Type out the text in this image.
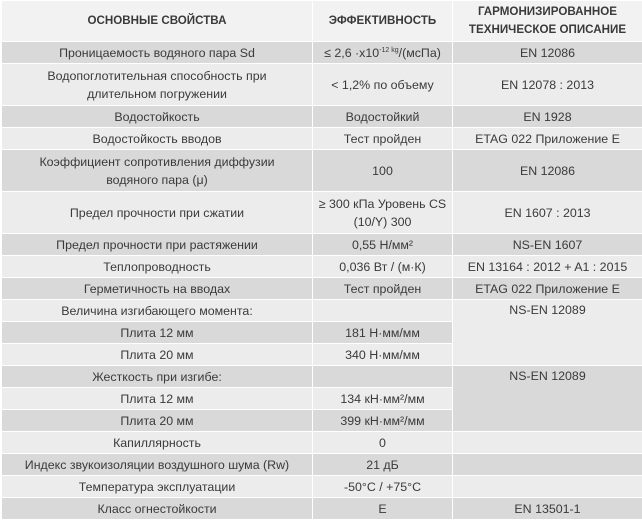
ОСНОВНЫЕ СВОЙСТВА	ЭФФЕКТИВНОСТЬ	ГАРМОНИЗИРОВАННОЕ
ТЕХНИЧЕСКОЕ ОПИСАНИЕ

Проницаемость водяного пара Sd	≤ $2,6 \cdot x10^{-12 kg}/(мсПа)$	EN 12086

Водопоглотительная способность при
длительном погружении	< 1,2% по объему	EN 12078 : 2013
Водостойкость	Водостойкий	EN 1928
Водостойкость вводов	Тест пройден	ETAG 022 Приложение E

Коэффициент сопротивления диффузии
водяного пара (μ)	100	EN 12086
Предел прочности при сжатии	≥ 300 кПа Уровень CS
(10/Y) 300	EN 1607 : 2013
Предел прочности при растяжении	0,55 Н/мм²	NS-EN 1607
Теплопроводность	0,036 Вт / (м·К)	EN 13164 : 2012 + A1 : 2015
Герметичность на вводах	Тест пройден	ETAG 022 Приложение E
Величина изгибающего момента:		NS-EN 12089
Плита 12 мм	181 Н·мм/мм	
Плита 20 мм	340 Н·мм/мм	
Жесткость при изгибе:		NS-EN 12089
Плита 12 мм	134 кН·мм²/мм	
Плита 20 мм	399 кН·мм²/мм	
Капиллярность	0	
Индекс звукоизоляции воздушного шума (Rw)	21 дБ	
Температура эксплуатации	-50°C / +75°C	
Класс огнестойкости	E	EN 13501-1
